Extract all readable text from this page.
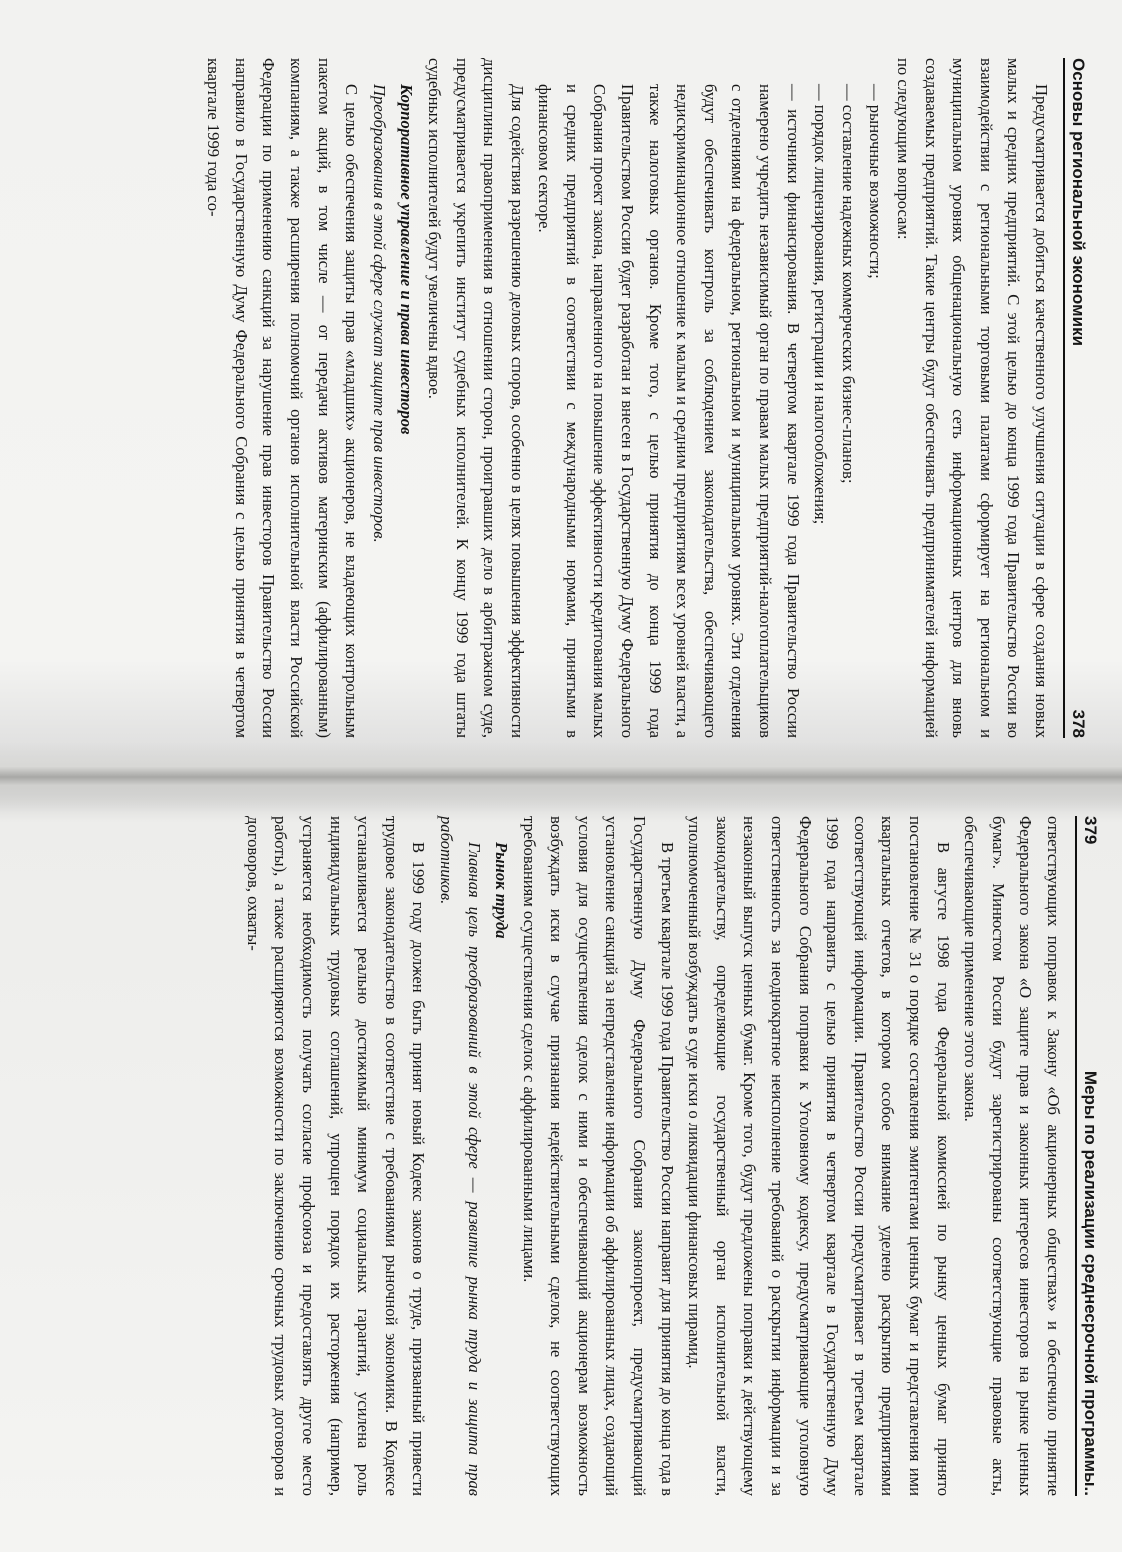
Основы региональной экономики
378

Предусматривается добиться качественного улучшения ситуации в сфере создания новых малых и средних предприятий. С этой целью до конца 1999 года Правительство России во взаимодействии с региональными торговыми палатами сформирует на региональном и муниципальном уровнях общенациональную сеть информационных центров для вновь создаваемых предприятий. Такие центры будут обеспечивать предпринимателей информацией по следующим вопросам:

— рыночные возможности;

— составление надежных коммерческих бизнес-планов;

— порядок лицензирования, регистрации и налогообложения;

— источники финансирования. В четвертом квартале 1999 года Правительство России намерено учредить независимый орган по правам малых предприятий-налогоплательщиков с отделениями на федеральном, региональном и муниципальном уровнях. Эти отделения будут обеспечивать контроль за соблюдением законодательства, обеспечивающего недискриминационное отношение к малым и средним предприятиям всех уровней власти, а также налоговых органов. Кроме того, с целью принятия до конца 1999 года Правительством России будет разработан и внесен в Государственную Думу Федерального Собрания проект закона, направленного на повышение эффективности кредитования малых и средних предприятий в соответствии с международными нормами, принятыми в финансовом секторе.

Для содействия разрешению деловых споров, особенно в целях повышения эффективности дисциплины правоприменения в отношении сторон, проигравших дело в арбитражном суде, предусматривается укрепить институт судебных исполнителей. К концу 1999 года штаты судебных исполнителей будут увеличены вдвое.

Корпоративное управление и права инвесторов

Преобразования в этой сфере служат защите прав инвесторов.

С целью обеспечения защиты прав «младших» акционеров, не владеющих контрольным пакетом акций, в том числе — от передачи активов материнским (аффилированным) компаниям, а также расширения полномочий органов исполнительной власти Российской Федерации по применению санкций за нарушение прав инвесторов Правительство России направило в Государственную Думу Федерального Собрания с целью принятия в четвертом квартале 1999 года со-

379
Меры по реализации среднесрочной программы..

ответствующих поправок к Закону «Об акционерных обществах» и обеспечило принятие Федерального закона «О защите прав и законных интересов инвесторов на рынке ценных бумаг». Минюстом России будут зарегистрированы соответствующие правовые акты, обеспечивающие применение этого закона.

В августе 1998 года Федеральной комиссией по рынку ценных бумаг принято постановление № 31 о порядке составления эмитентами ценных бумаг и представления ими квартальных отчетов, в котором особое внимание уделено раскрытию предприятиями соответствующей информации. Правительство России предусматривает в третьем квартале 1999 года направить с целью принятия в четвертом квартале в Государственную Думу Федерального Собрания поправки к Уголовному кодексу, предусматривающие уголовную ответственность за неоднократное неисполнение требований о раскрытии информации и за незаконный выпуск ценных бумаг. Кроме того, будут предложены поправки к действующему законодательству, определяющие государственный орган исполнительной власти, уполномоченный возбуждать в суде иски о ликвидации финансовых пирамид.

В третьем квартале 1999 года Правительство России направит для принятия до конца года в Государственную Думу Федерального Собрания законопроект, предусматривающий установление санкций за непредставление информации об аффилированных лицах, создающий условия для осуществления сделок с ними и обеспечивающий акционерам возможность возбуждать иски в случае признания недействительными сделок, не соответствующих требованиям осуществления сделок с аффилированными лицами.

Рынок труда

Главная цель преобразований в этой сфере — развитие рынка труда и защита прав работников.

В 1999 году должен быть принят новый Кодекс законов о труде, призванный привести трудовое законодательство в соответствие с требованиями рыночной экономики. В Кодексе устанавливается реально достижимый минимум социальных гарантий, усилена роль индивидуальных трудовых соглашений, упрощен порядок их расторжения (например, устраняется необходимость получать согласие профсоюза и предоставлять другое место работы), а также расширяются возможности по заключению срочных трудовых договоров и договоров, охваты-
